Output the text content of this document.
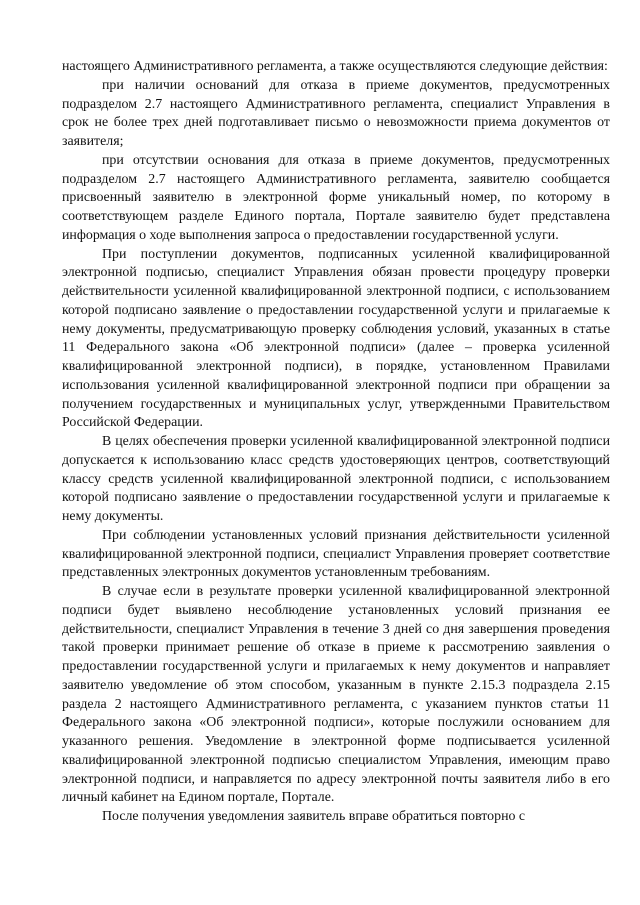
настоящего Административного регламента, а также осуществляются следующие действия:

при наличии оснований для отказа в приеме документов, предусмотренных подразделом 2.7 настоящего Административного регламента, специалист Управления в срок не более трех дней подготавливает письмо о невозможности приема документов от заявителя;

при отсутствии основания для отказа в приеме документов, предусмотренных подразделом 2.7 настоящего Административного регламента, заявителю сообщается присвоенный заявителю в электронной форме уникальный номер, по которому в соответствующем разделе Единого портала, Портале заявителю будет представлена информация о ходе выполнения запроса о предоставлении государственной услуги.

При поступлении документов, подписанных усиленной квалифицированной электронной подписью, специалист Управления обязан провести процедуру проверки действительности усиленной квалифицированной электронной подписи, с использованием которой подписано заявление о предоставлении государственной услуги и прилагаемые к нему документы, предусматривающую проверку соблюдения условий, указанных в статье 11 Федерального закона «Об электронной подписи» (далее – проверка усиленной квалифицированной электронной подписи), в порядке, установленном Правилами использования усиленной квалифицированной электронной подписи при обращении за получением государственных и муниципальных услуг, утвержденными Правительством Российской Федерации.

В целях обеспечения проверки усиленной квалифицированной электронной подписи допускается к использованию класс средств удостоверяющих центров, соответствующий классу средств усиленной квалифицированной электронной подписи, с использованием которой подписано заявление о предоставлении государственной услуги и прилагаемые к нему документы.

При соблюдении установленных условий признания действительности усиленной квалифицированной электронной подписи, специалист Управления проверяет соответствие представленных электронных документов установленным требованиям.

В случае если в результате проверки усиленной квалифицированной электронной подписи будет выявлено несоблюдение установленных условий признания ее действительности, специалист Управления в течение 3 дней со дня завершения проведения такой проверки принимает решение об отказе в приеме к рассмотрению заявления о предоставлении государственной услуги и прилагаемых к нему документов и направляет заявителю уведомление об этом способом, указанным в пункте 2.15.3 подраздела 2.15 раздела 2 настоящего Административного регламента, с указанием пунктов статьи 11 Федерального закона «Об электронной подписи», которые послужили основанием для указанного решения. Уведомление в электронной форме подписывается усиленной квалифицированной электронной подписью специалистом Управления, имеющим право электронной подписи, и направляется по адресу электронной почты заявителя либо в его личный кабинет на Едином портале, Портале.

После получения уведомления заявитель вправе обратиться повторно с
